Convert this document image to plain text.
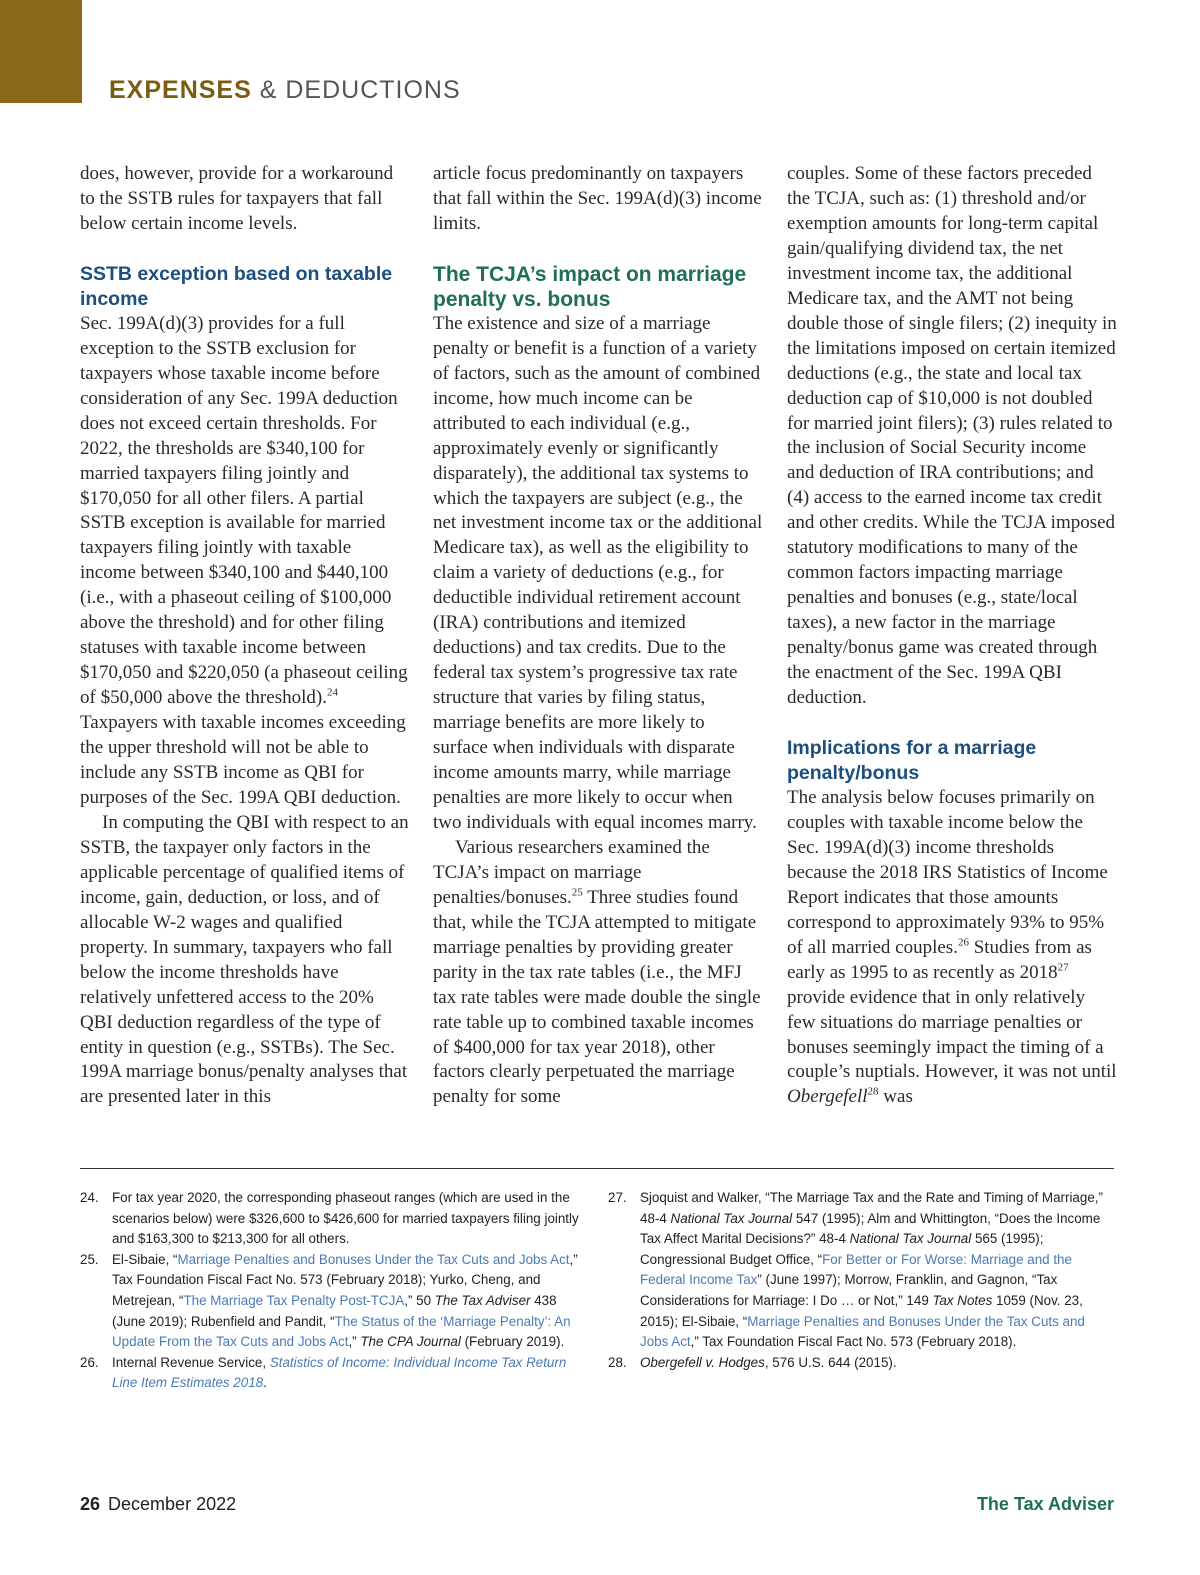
EXPENSES & DEDUCTIONS

does, however, provide for a workaround to the SSTB rules for taxpayers that fall below certain income levels.

SSTB exception based on taxable income

Sec. 199A(d)(3) provides for a full exception to the SSTB exclusion for taxpayers whose taxable income before consideration of any Sec. 199A deduction does not exceed certain thresholds. For 2022, the thresholds are $340,100 for married taxpayers filing jointly and $170,050 for all other filers. A partial SSTB exception is available for married taxpayers filing jointly with taxable income between $340,100 and $440,100 (i.e., with a phaseout ceiling of $100,000 above the threshold) and for other filing statuses with taxable income between $170,050 and $220,050 (a phaseout ceiling of $50,000 above the threshold).$^{24}$ Taxpayers with taxable incomes exceeding the upper threshold will not be able to include any SSTB income as QBI for purposes of the Sec. 199A QBI deduction.

In computing the QBI with respect to an SSTB, the taxpayer only factors in the applicable percentage of qualified items of income, gain, deduction, or loss, and of allocable W-2 wages and qualified property. In summary, taxpayers who fall below the income thresholds have relatively unfettered access to the 20% QBI deduction regardless of the type of entity in question (e.g., SSTBs). The Sec. 199A marriage bonus/penalty analyses that are presented later in this

article focus predominantly on taxpayers that fall within the Sec. 199A(d)(3) income limits.

The TCJA’s impact on marriage penalty vs. bonus

The existence and size of a marriage penalty or benefit is a function of a variety of factors, such as the amount of combined income, how much income can be attributed to each individual (e.g., approximately evenly or significantly disparately), the additional tax systems to which the taxpayers are subject (e.g., the net investment income tax or the additional Medicare tax), as well as the eligibility to claim a variety of deductions (e.g., for deductible individual retirement account (IRA) contributions and itemized deductions) and tax credits. Due to the federal tax system’s progressive tax rate structure that varies by filing status, marriage benefits are more likely to surface when individuals with disparate income amounts marry, while marriage penalties are more likely to occur when two individuals with equal incomes marry.

Various researchers examined the TCJA’s impact on marriage penalties/bonuses.$^{25}$ Three studies found that, while the TCJA attempted to mitigate marriage penalties by providing greater parity in the tax rate tables (i.e., the MFJ tax rate tables were made double the single rate table up to combined taxable incomes of $400,000 for tax year 2018), other factors clearly perpetuated the marriage penalty for some

couples. Some of these factors preceded the TCJA, such as: (1) threshold and/or exemption amounts for long-term capital gain/qualifying dividend tax, the net investment income tax, the additional Medicare tax, and the AMT not being double those of single filers; (2) inequity in the limitations imposed on certain itemized deductions (e.g., the state and local tax deduction cap of $10,000 is not doubled for married joint filers); (3) rules related to the inclusion of Social Security income and deduction of IRA contributions; and (4) access to the earned income tax credit and other credits. While the TCJA imposed statutory modifications to many of the common factors impacting marriage penalties and bonuses (e.g., state/local taxes), a new factor in the marriage penalty/bonus game was created through the enactment of the Sec. 199A QBI deduction.

Implications for a marriage penalty/bonus

The analysis below focuses primarily on couples with taxable income below the Sec. 199A(d)(3) income thresholds because the 2018 IRS Statistics of Income Report indicates that those amounts correspond to approximately 93% to 95% of all married couples.$^{26}$ Studies from as early as 1995 to as recently as 2018$^{27}$ provide evidence that in only relatively few situations do marriage penalties or bonuses seemingly impact the timing of a couple’s nuptials. However, it was not until Obergefell$^{28}$ was

24. For tax year 2020, the corresponding phaseout ranges (which are used in the scenarios below) were $326,600 to $426,600 for married taxpayers filing jointly and $163,300 to $213,300 for all others.
25. El-Sibaie, “Marriage Penalties and Bonuses Under the Tax Cuts and Jobs Act,” Tax Foundation Fiscal Fact No. 573 (February 2018); Yurko, Cheng, and Metrejean, “The Marriage Tax Penalty Post-TCJA,” 50 The Tax Adviser 438 (June 2019); Rubenfield and Pandit, “The Status of the ‘Marriage Penalty’: An Update From the Tax Cuts and Jobs Act,” The CPA Journal (February 2019).
26. Internal Revenue Service, Statistics of Income: Individual Income Tax Return Line Item Estimates 2018.
27. Sjoquist and Walker, “The Marriage Tax and the Rate and Timing of Marriage,” 48-4 National Tax Journal 547 (1995); Alm and Whittington, “Does the Income Tax Affect Marital Decisions?” 48-4 National Tax Journal 565 (1995); Congressional Budget Office, “For Better or For Worse: Marriage and the Federal Income Tax” (June 1997); Morrow, Franklin, and Gagnon, “Tax Considerations for Marriage: I Do … or Not,” 149 Tax Notes 1059 (Nov. 23, 2015); El-Sibaie, “Marriage Penalties and Bonuses Under the Tax Cuts and Jobs Act,” Tax Foundation Fiscal Fact No. 573 (February 2018).
28. Obergefell v. Hodges, 576 U.S. 644 (2015).
26 December 2022	The Tax Adviser
